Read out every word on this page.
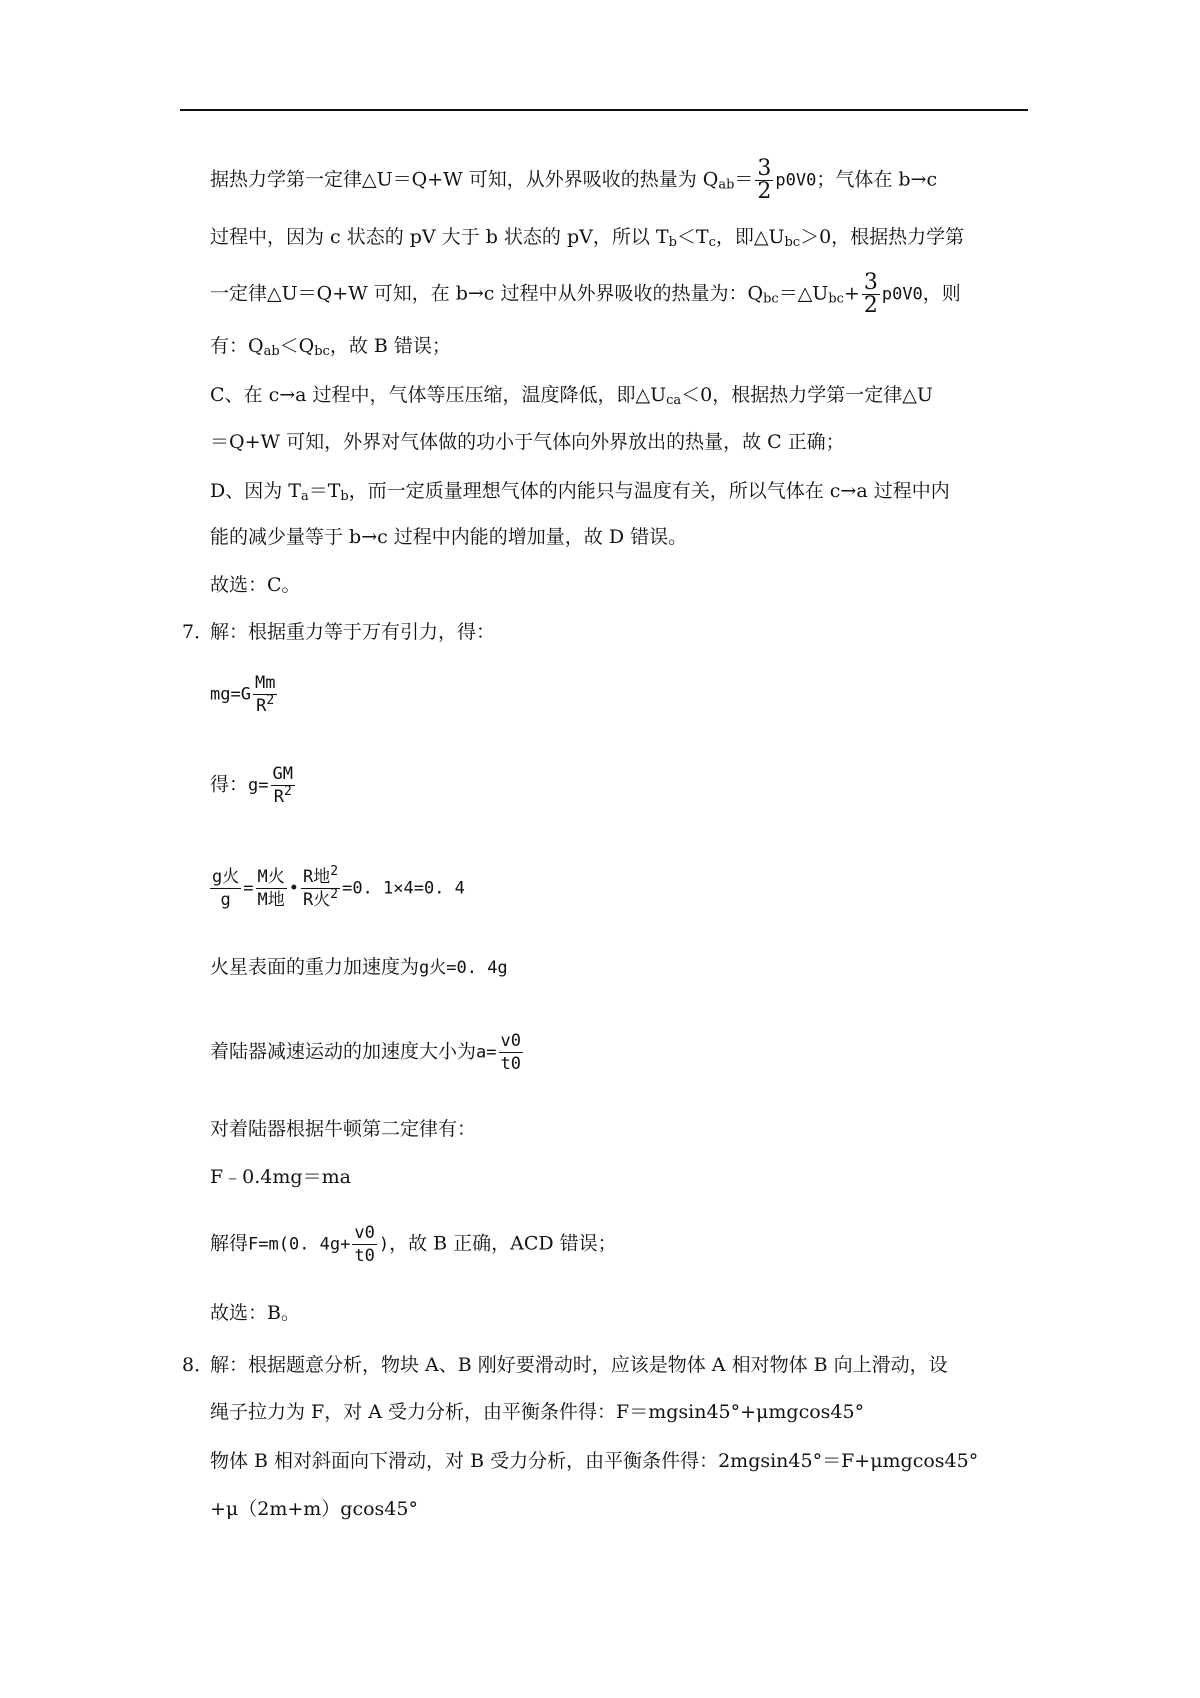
据热力学第一定律△U＝Q+W 可知，从外界吸收的热量为 $Q_{ab}= \frac{3}{2} p0V0$；气体在 b→c
过程中，因为 c 状态的 pV 大于 b 状态的 pV，所以 $T_b<T_c$，即$\triangle U_{bc}>0$，根据热力学第
一定律△U＝Q+W 可知，在 b→c 过程中从外界吸收的热量为：$Q_{bc}=\triangle U_{bc}+ \frac{3}{2} p0V0$，则
有：$Q_{ab}<Q_{bc}$，故 B 错误；
C、在 c→a 过程中，气体等压压缩，温度降低，即$\triangle U_{ca}<0$，根据热力学第一定律△U
＝Q+W 可知，外界对气体做的功小于气体向外界放出的热量，故 C 正确；
D、因为 $T_a=T_b$，而一定质量理想气体的内能只与温度有关，所以气体在 c→a 过程中内
能的减少量等于 b→c 过程中内能的增加量，故 D 错误。
故选：C。
7．解：根据重力等于万有引力，得：
$mg=G \frac{Mm}{R^2}$
得：$g= \frac{GM}{R^2}$
$\frac{\text{g火}}{g} = \frac{\text{M火}}{\text{M地}}$ • $\frac{R地^2}{R火^2} =0$. 1×4=0. 4
火星表面的重力加速度为g火=0. 4g
着陆器减速运动的加速度大小为$a= \frac{v0}{t0}$
对着陆器根据牛顿第二定律有：
F﹣0.4mg＝ma
解得F=m(0. $4g+ \frac{v0}{t0}$ )，故 B 正确，ACD 错误；
故选：B。
8．解：根据题意分析，物块 A、B 刚好要滑动时，应该是物体 A 相对物体 B 向上滑动，设
绳子拉力为 F，对 A 受力分析，由平衡条件得：F＝mgsin45°+μmgcos45°
物体 B 相对斜面向下滑动，对 B 受力分析，由平衡条件得：2mgsin45°＝F+μmgcos45°
+μ（2m+m）gcos45°
